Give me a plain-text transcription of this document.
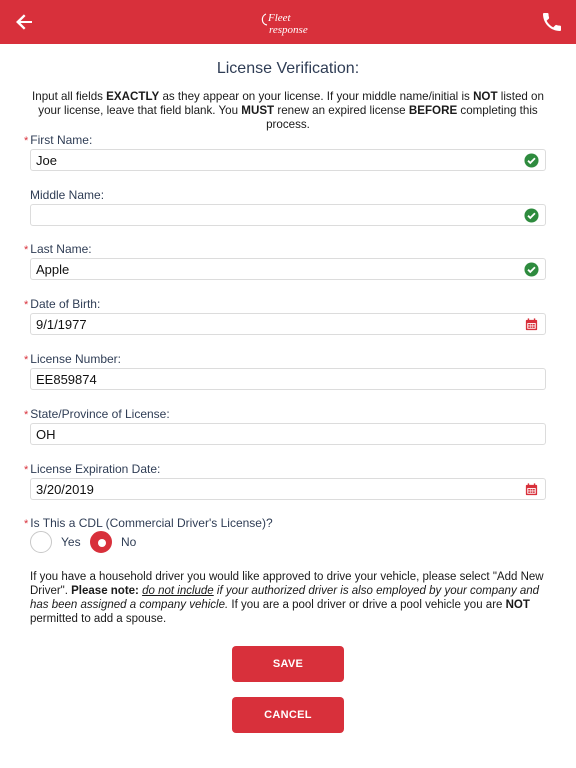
Fleet
response
License Verification:
Input all fields EXACTLY as they appear on your license. If your middle name/initial is NOT listed on your license, leave that field blank. You MUST renew an expired license BEFORE completing this process.
* First Name:
Joe
Middle Name:
* Last Name:
Apple
* Date of Birth:
9/1/1977
* License Number:
EE859874
* State/Province of License:
OH
* License Expiration Date:
3/20/2019
* Is This a CDL (Commercial Driver's License)?
Yes	No
If you have a household driver you would like approved to drive your vehicle, please select "Add New Driver". Please note: do not include if your authorized driver is also employed by your company and has been assigned a company vehicle. If you are a pool driver or drive a pool vehicle you are NOT permitted to add a spouse.
SAVE
CANCEL
